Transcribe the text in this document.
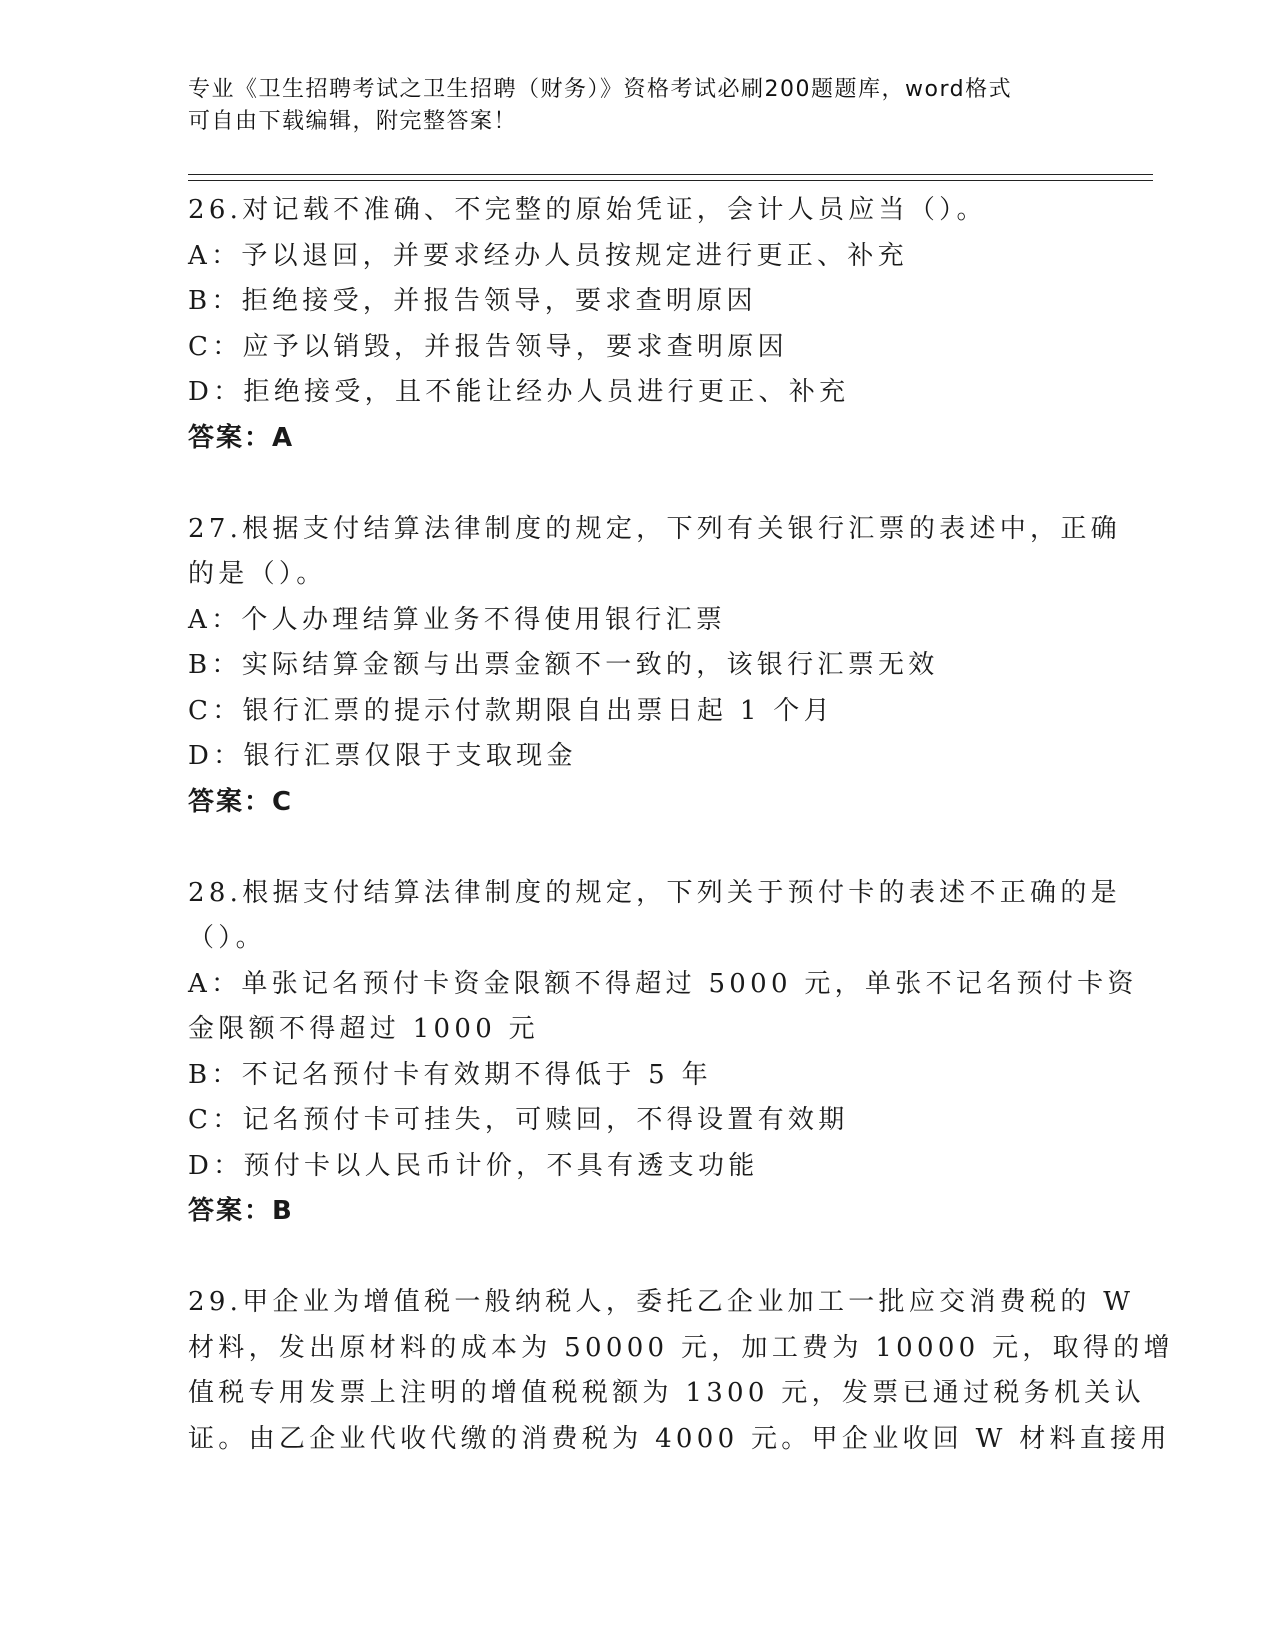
专业《卫生招聘考试之卫生招聘（财务）》资格考试必刷200题题库，word格式

可自由下载编辑，附完整答案！

26.对记载不准确、不完整的原始凭证，会计人员应当（）。
A：予以退回，并要求经办人员按规定进行更正、补充
B：拒绝接受，并报告领导，要求查明原因
C：应予以销毁，并报告领导，要求查明原因
D：拒绝接受，且不能让经办人员进行更正、补充
答案：A
27.根据支付结算法律制度的规定，下列有关银行汇票的表述中，正确
的是（）。
A：个人办理结算业务不得使用银行汇票
B：实际结算金额与出票金额不一致的，该银行汇票无效
C：银行汇票的提示付款期限自出票日起 1 个月
D：银行汇票仅限于支取现金
答案：C
28.根据支付结算法律制度的规定，下列关于预付卡的表述不正确的是
（）。
A：单张记名预付卡资金限额不得超过 5000 元，单张不记名预付卡资
金限额不得超过 1000 元
B：不记名预付卡有效期不得低于 5 年
C：记名预付卡可挂失，可赎回，不得设置有效期
D：预付卡以人民币计价，不具有透支功能
答案：B
29.甲企业为增值税一般纳税人，委托乙企业加工一批应交消费税的 W
材料，发出原材料的成本为 50000 元，加工费为 10000 元，取得的增
值税专用发票上注明的增值税税额为 1300 元，发票已通过税务机关认
证。由乙企业代收代缴的消费税为 4000 元。甲企业收回 W 材料直接用
